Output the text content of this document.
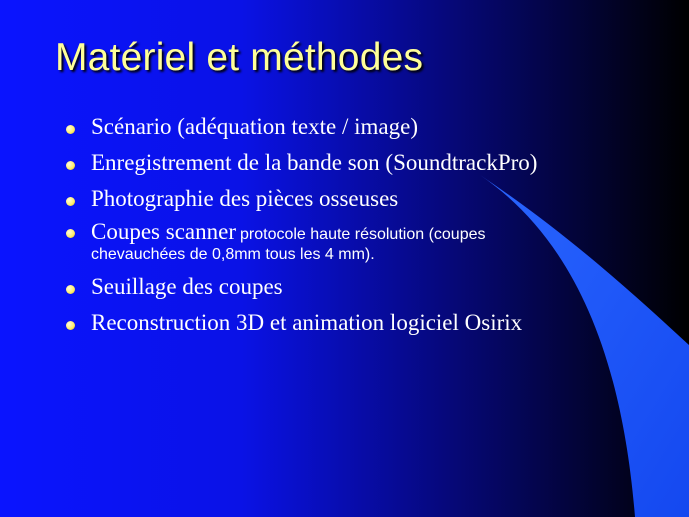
Matériel et méthodes
Scénario (adéquation texte / image)
Enregistrement de la bande son (SoundtrackPro)
Photographie des pièces osseuses
Coupes scanner protocole haute résolution (coupes
chevauchées de 0,8mm tous les 4 mm).
Seuillage des coupes
Reconstruction 3D et animation logiciel Osirix
